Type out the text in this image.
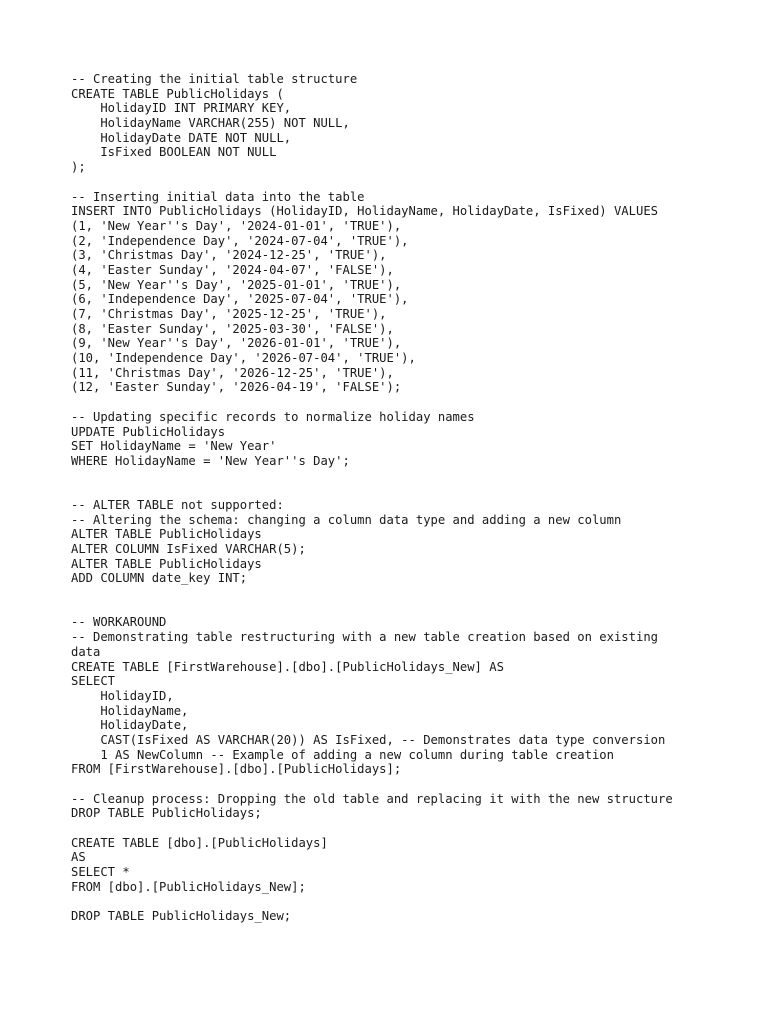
-- Creating the initial table structure
CREATE TABLE PublicHolidays (
HolidayID INT PRIMARY KEY,
HolidayName VARCHAR(255) NOT NULL,
HolidayDate DATE NOT NULL,
IsFixed BOOLEAN NOT NULL
);
-- Inserting initial data into the table
INSERT INTO PublicHolidays (HolidayID, HolidayName, HolidayDate, IsFixed) VALUES
(1, 'New Year''s Day', '2024-01-01', 'TRUE'),
(2, 'Independence Day', '2024-07-04', 'TRUE'),
(3, 'Christmas Day', '2024-12-25', 'TRUE'),
(4, 'Easter Sunday', '2024-04-07', 'FALSE'),
(5, 'New Year''s Day', '2025-01-01', 'TRUE'),
(6, 'Independence Day', '2025-07-04', 'TRUE'),
(7, 'Christmas Day', '2025-12-25', 'TRUE'),
(8, 'Easter Sunday', '2025-03-30', 'FALSE'),
(9, 'New Year''s Day', '2026-01-01', 'TRUE'),
(10, 'Independence Day', '2026-07-04', 'TRUE'),
(11, 'Christmas Day', '2026-12-25', 'TRUE'),
(12, 'Easter Sunday', '2026-04-19', 'FALSE');
-- Updating specific records to normalize holiday names
UPDATE PublicHolidays
SET HolidayName = 'New Year'
WHERE HolidayName = 'New Year''s Day';
-- ALTER TABLE not supported:
-- Altering the schema: changing a column data type and adding a new column
ALTER TABLE PublicHolidays
ALTER COLUMN IsFixed VARCHAR(5);
ALTER TABLE PublicHolidays
ADD COLUMN date_key INT;
-- WORKAROUND
-- Demonstrating table restructuring with a new table creation based on existing
data
CREATE TABLE [FirstWarehouse].[dbo].[PublicHolidays_New] AS
SELECT
HolidayID,
HolidayName,
HolidayDate,
CAST(IsFixed AS VARCHAR(20)) AS IsFixed, -- Demonstrates data type conversion
1 AS NewColumn -- Example of adding a new column during table creation
FROM [FirstWarehouse].[dbo].[PublicHolidays];
-- Cleanup process: Dropping the old table and replacing it with the new structure
DROP TABLE PublicHolidays;
CREATE TABLE [dbo].[PublicHolidays]
AS
SELECT *
FROM [dbo].[PublicHolidays_New];
DROP TABLE PublicHolidays_New;
